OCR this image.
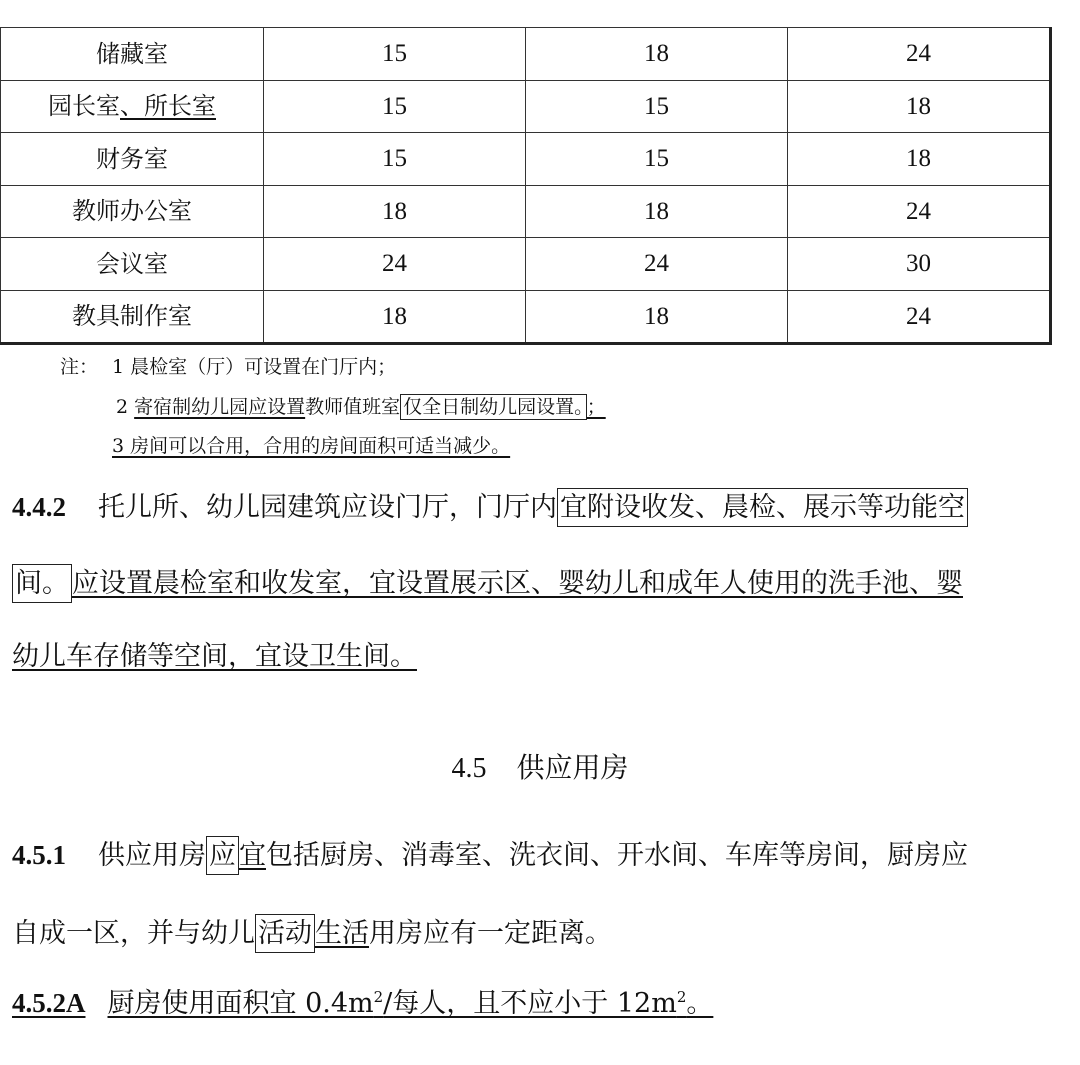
储藏室	15	18	24
园长室、所长室	15	15	18
财务室	15	15	18
教师办公室	18	18	24
会议室	24	24	30
教具制作室	18	18	24
注： 1 晨检室（厅）可设置在门厅内；
2 寄宿制幼儿园应设置教师值班室 仅全日制幼儿园设置。 ；
3 房间可以合用，合用的房间面积可适当减少。
4.4.2 托儿所、幼儿园建筑应设门厅，门厅内 宜附设收发、晨检、展示等功能空
间。 应设置晨检室和收发室，宜设置展示区、婴幼儿和成年人使用的洗手池、婴
幼儿车存储等空间，宜设卫生间。
4.5 供应用房
4.5.1 供应用房 应 宜包括厨房、消毒室、洗衣间、开水间、车库等房间，厨房应
自成一区，并与幼儿 活动 生活用房应有一定距离。
4.5.2A 厨房使用面积宜 $0.4m^2/$每人，且不应小于 $12m^2$。
